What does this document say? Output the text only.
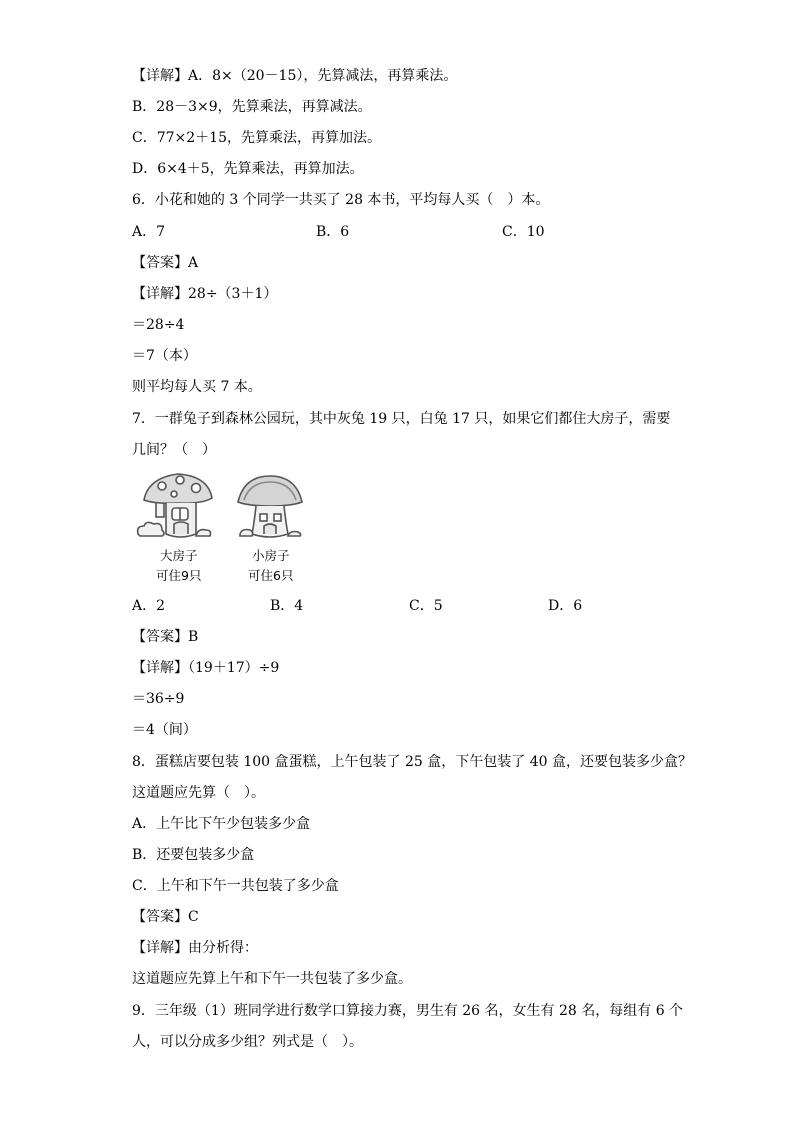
【详解】A．8×（20－15），先算减法，再算乘法。
B．28－3×9，先算乘法，再算减法。
C．77×2＋15，先算乘法，再算加法。
D．6×4＋5，先算乘法，再算加法。
6．小花和她的 3 个同学一共买了 28 本书，平均每人买（　）本。
A．7	B．6	C．10
【答案】A
【详解】28÷（3＋1）
＝28÷4
＝7（本）
则平均每人买 7 本。
7．一群兔子到森林公园玩，其中灰兔 19 只，白兔 17 只，如果它们都住大房子，需要
几间？（　）
大房子
可住9只
小房子
可住6只
A．2	B．4	C．5	D．6
【答案】B
【详解】（19＋17）÷9
＝36÷9
＝4（间）
8．蛋糕店要包装 100 盒蛋糕，上午包装了 25 盒，下午包装了 40 盒，还要包装多少盒？
这道题应先算（　）。
A．上午比下午少包装多少盒
B．还要包装多少盒
C．上午和下午一共包装了多少盒
【答案】C
【详解】由分析得：
这道题应先算上午和下午一共包装了多少盒。
9．三年级（1）班同学进行数学口算接力赛，男生有 26 名，女生有 28 名，每组有 6 个
人，可以分成多少组？列式是（　）。
